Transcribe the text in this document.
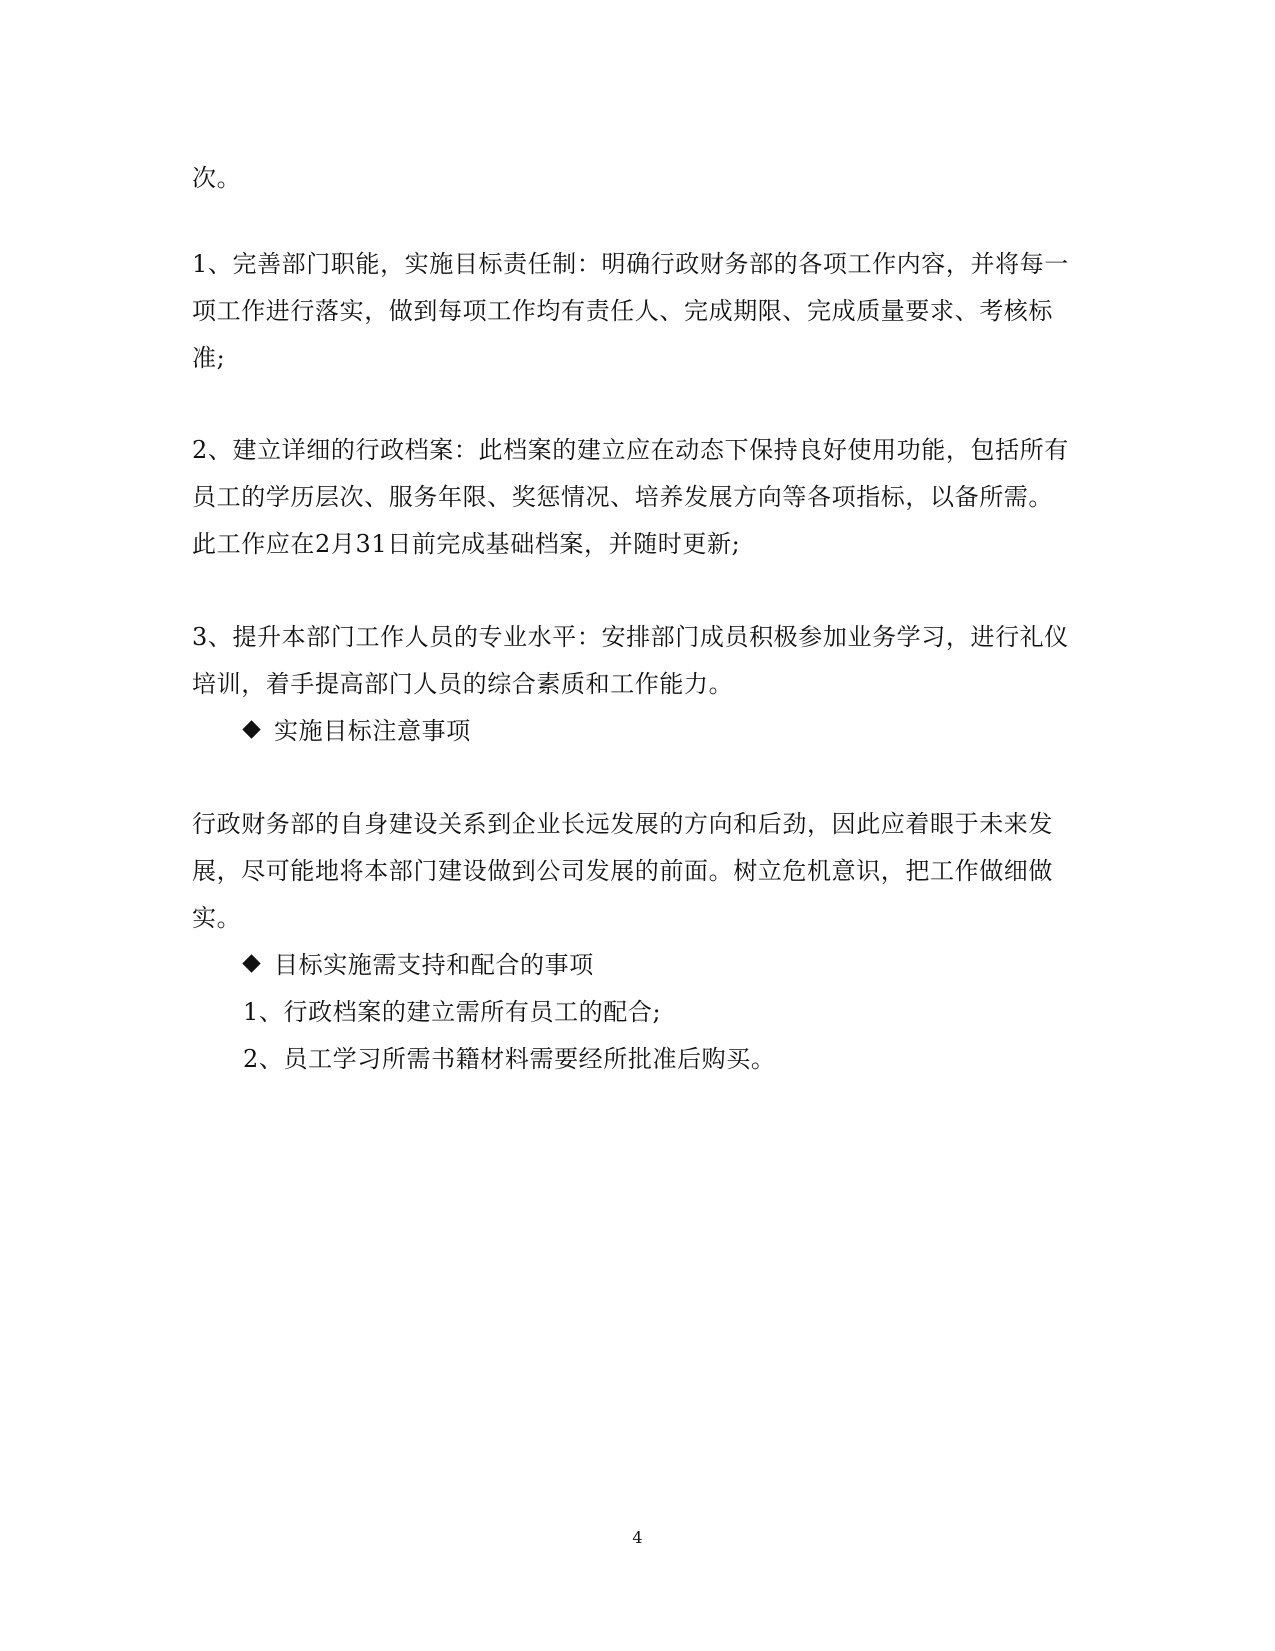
次。
1、完善部门职能，实施目标责任制：明确行政财务部的各项工作内容，并将每一
项工作进行落实，做到每项工作均有责任人、完成期限、完成质量要求、考核标
准;
2、建立详细的行政档案：此档案的建立应在动态下保持良好使用功能，包括所有
员工的学历层次、服务年限、奖惩情况、培养发展方向等各项指标，以备所需。
此工作应在2月31日前完成基础档案，并随时更新;
3、提升本部门工作人员的专业水平：安排部门成员积极参加业务学习，进行礼仪
培训，着手提高部门人员的综合素质和工作能力。
实施目标注意事项
行政财务部的自身建设关系到企业长远发展的方向和后劲，因此应着眼于未来发
展，尽可能地将本部门建设做到公司发展的前面。树立危机意识，把工作做细做
实。
目标实施需支持和配合的事项
1、行政档案的建立需所有员工的配合;
2、员工学习所需书籍材料需要经所批准后购买。
4
